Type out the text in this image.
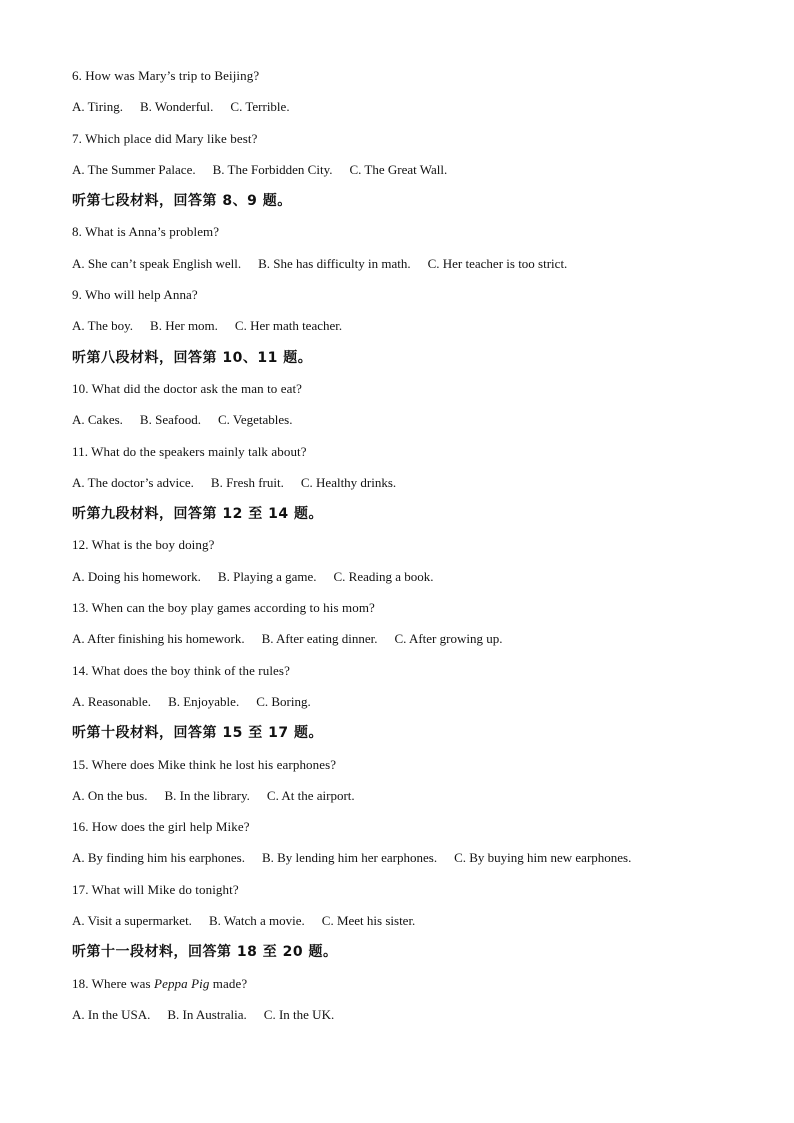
6. How was Mary’s trip to Beijing?
A. Tiring. B. Wonderful. C. Terrible.
7. Which place did Mary like best?
A. The Summer Palace. B. The Forbidden City. C. The Great Wall.
听第七段材料，回答第 8、9 题。
8. What is Anna’s problem?
A. She can’t speak English well. B. She has difficulty in math. C. Her teacher is too strict.
9. Who will help Anna?
A. The boy. B. Her mom. C. Her math teacher.
听第八段材料，回答第 10、11 题。
10. What did the doctor ask the man to eat?
A. Cakes. B. Seafood. C. Vegetables.
11. What do the speakers mainly talk about?
A. The doctor’s advice. B. Fresh fruit. C. Healthy drinks.
听第九段材料，回答第 12 至 14 题。
12. What is the boy doing?
A. Doing his homework. B. Playing a game. C. Reading a book.
13. When can the boy play games according to his mom?
A. After finishing his homework. B. After eating dinner. C. After growing up.
14. What does the boy think of the rules?
A. Reasonable. B. Enjoyable. C. Boring.
听第十段材料，回答第 15 至 17 题。
15. Where does Mike think he lost his earphones?
A. On the bus. B. In the library. C. At the airport.
16. How does the girl help Mike?
A. By finding him his earphones. B. By lending him her earphones. C. By buying him new earphones.
17. What will Mike do tonight?
A. Visit a supermarket. B. Watch a movie. C. Meet his sister.
听第十一段材料，回答第 18 至 20 题。
18. Where was Peppa Pig made?
A. In the USA. B. In Australia. C. In the UK.
